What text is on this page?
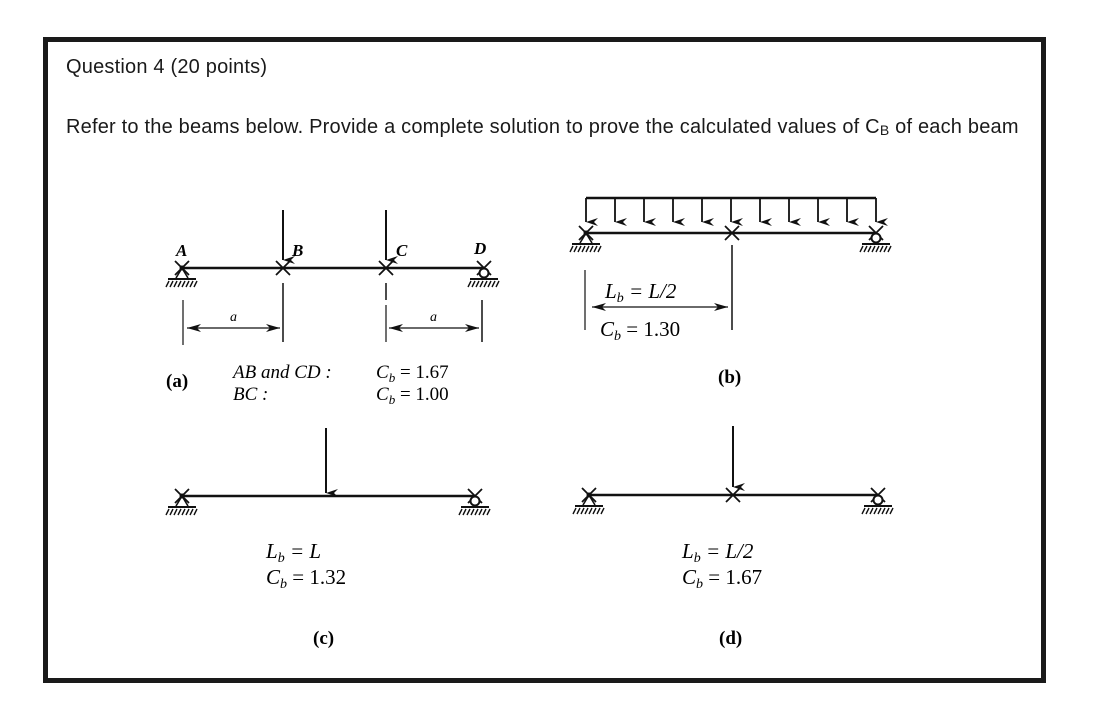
Question 4 (20 points)
Refer to the beams below. Provide a complete solution to prove the calculated values of $C_B$ of each beam
A	B	C	D
a	a
(a) AB and CD : $C_b = 1.67$
BC :	$C_b = 1.00$
Lb = L/2
Cb = 1.30
(b)
Lb = L
Cb = 1.32
(c)
Lb = L/2
Cb = 1.67
(d)
